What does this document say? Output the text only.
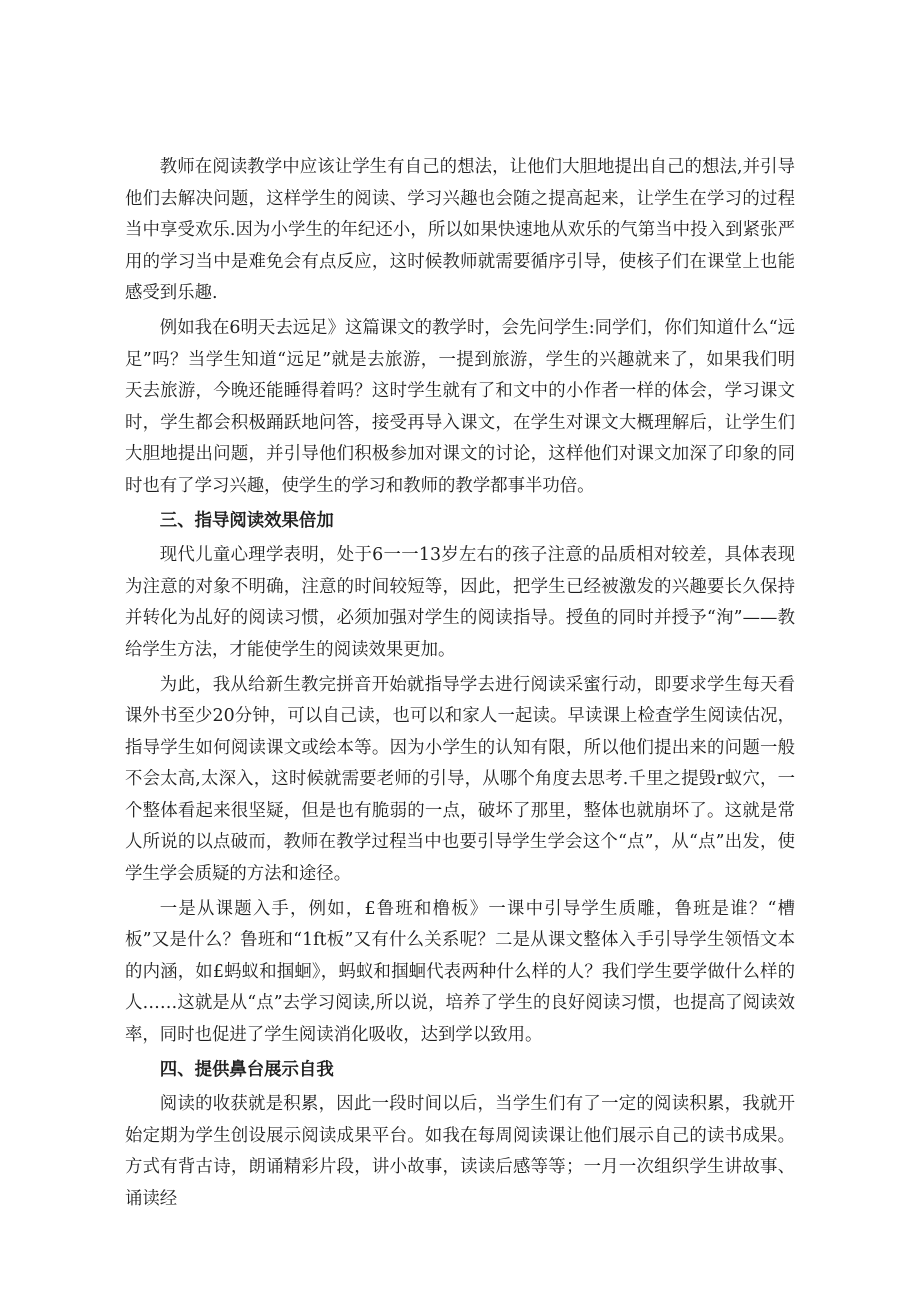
教师在阅读教学中应该让学生有自己的想法，让他们大胆地提出自己的想法,并引导他们去解决问题，这样学生的阅读、学习兴趣也会随之提高起来，让学生在学习的过程当中享受欢乐.因为小学生的年纪还小，所以如果快速地从欢乐的气第当中投入到紧张严用的学习当中是难免会有点反应，这时候教师就需要循序引导，使核子们在课堂上也能感受到乐趣.

例如我在6明天去远足》这篇课文的教学时，会先问学生:同学们，你们知道什么“远足”吗？当学生知道“远足”就是去旅游，一提到旅游，学生的兴趣就来了，如果我们明天去旅游，今晚还能睡得着吗？这时学生就有了和文中的小作者一样的体会，学习课文时，学生都会积极踊跃地问答，接受再导入课文，在学生对课文大概理解后，让学生们大胆地提出问题，并引导他们积极参加对课文的讨论，这样他们对课文加深了印象的同时也有了学习兴趣，使学生的学习和教师的教学都事半功倍。

三、指导阅读效果倍加

现代儿童心理学表明，处于6一一13岁左右的孩子注意的品质相对较差，具体表现为注意的对象不明确，注意的时间较短等，因此，把学生已经被激发的兴趣要长久保持并转化为乩好的阅读习惯，必须加强对学生的阅读指导。授鱼的同时并授予“洵”——教给学生方法，才能使学生的阅读效果更加。

为此，我从给新生教完拼音开始就指导学去进行阅读采蜜行动，即要求学生每天看课外书至少20分钟，可以自己读，也可以和家人一起读。早读课上检查学生阅读估况，指导学生如何阅读课文或绘本等。因为小学生的认知有限，所以他们提出来的问题一般不会太高,太深入，这时候就需要老师的引导，从哪个角度去思考.千里之提毁r蚁穴，一个整体看起来很坚疑，但是也有脆弱的一点，破坏了那里，整体也就崩坏了。这就是常人所说的以点破而，教师在教学过程当中也要引导学生学会这个“点”，从“点”出发，使学生学会质疑的方法和途径。

一是从课题入手，例如，£鲁班和橹板》一课中引导学生质雕，鲁班是谁？“槽板”又是什么？鲁班和“1ft板”又有什么关系呢？二是从课文整体入手引导学生领悟文本的内涵，如£蚂蚁和掴蛔》，蚂蚁和掴蛔代表两种什么样的人？我们学生要学做什么样的人……这就是从“点”去学习阅读,所以说，培养了学生的良好阅读习惯，也提高了阅读效率，同时也促进了学生阅读消化吸收，达到学以致用。

四、提供鼻台展示自我

阅读的收获就是积累，因此一段时间以后，当学生们有了一定的阅读积累，我就开始定期为学生创设展示阅读成果平台。如我在每周阅读课让他们展示自己的读书成果。方式有背古诗，朗诵精彩片段，讲小故事，读读后感等等；一月一次组织学生讲故事、诵读经
